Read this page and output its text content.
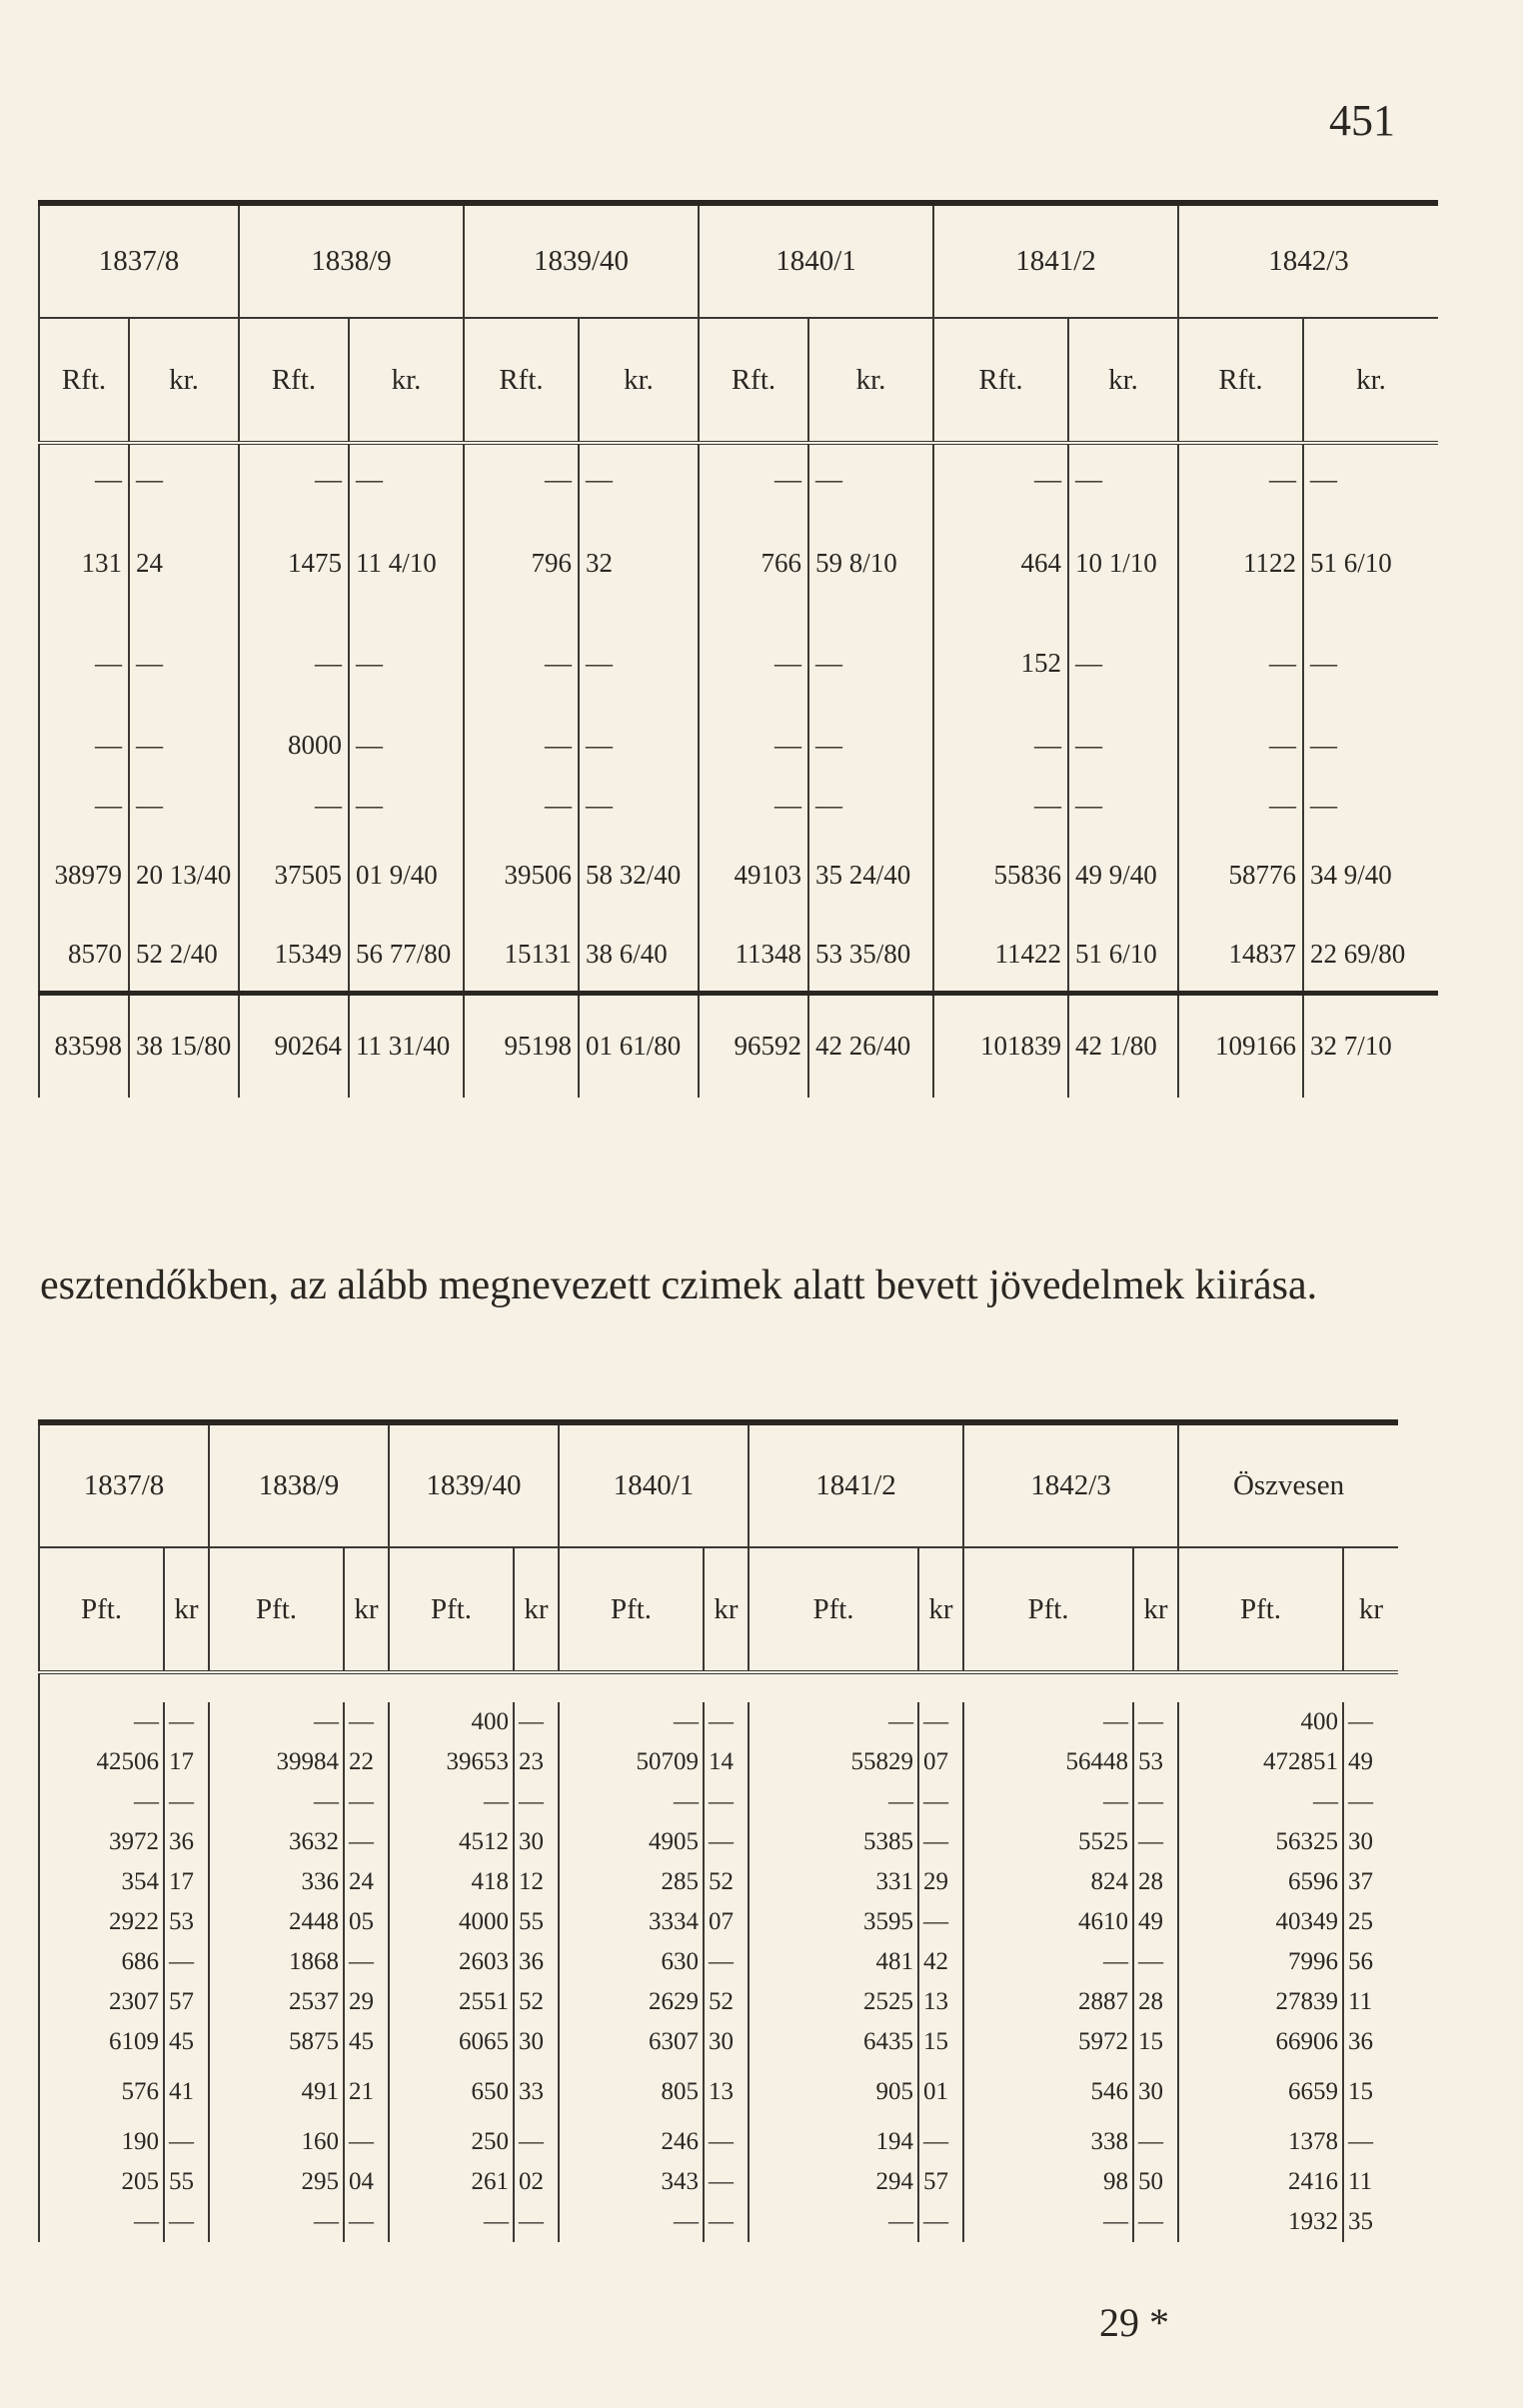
451
1837/8		1838/9		1839/40		1840/1		1841/2		1842/3	
Rft.	kr.	Rft.	kr.	Rft.	kr.	Rft.	kr.	Rft.	kr.	Rft.	kr.
—	—	—	—	—	—	—	—	—	—	—	—
131	24	1475	11 4/10	796	32	766	59 8/10	464	10 1/10	1122	51 6/10
—	—	—	—	—	—	—	—	152	—	—	—
—	—	8000	—	—	—	—	—	—	—	—	—
—	—	—	—	—	—	—	—	—	—	—	—
38979	20 13/40	37505	01 9/40	39506	58 32/40	49103	35 24/40	55836	49 9/40	58776	34 9/40
8570	52 2/40	15349	56 77/80	15131	38 6/40	11348	53 35/80	11422	51 6/10	14837	22 69/80
83598	38 15/80	90264	11 31/40	95198	01 61/80	96592	42 26/40	101839	42 1/80	109166	32 7/10

esztendőkben, az alább megnevezett czimek alatt bevett jövedelmek kiirása.

1837/8		1838/9		1839/40		1840/1		1841/2		1842/3		Öszvesen	
Pft.	kr	Pft.	kr	Pft.	kr	Pft.	kr	Pft.	kr	Pft.	kr	Pft.	kr

—	—	—	—	400	—	—	—	—	—	—	—	400	—
42506	17	39984	22	39653	23	50709	14	55829	07	56448	53	472851	49
—	—	—	—	—	—	—	—	—	—	—	—	—	—
3972	36	3632	—	4512	30	4905	—	5385	—	5525	—	56325	30
354	17	336	24	418	12	285	52	331	29	824	28	6596	37
2922	53	2448	05	4000	55	3334	07	3595	—	4610	49	40349	25
686	—	1868	—	2603	36	630	—	481	42	—	—	7996	56
2307	57	2537	29	2551	52	2629	52	2525	13	2887	28	27839	11
6109	45	5875	45	6065	30	6307	30	6435	15	5972	15	66906	36
576	41	491	21	650	33	805	13	905	01	546	30	6659	15
190	—	160	—	250	—	246	—	194	—	338	—	1378	—
205	55	295	04	261	02	343	—	294	57	98	50	2416	11
—	—	—	—	—	—	—	—	—	—	—	—	1932	35
29 *
